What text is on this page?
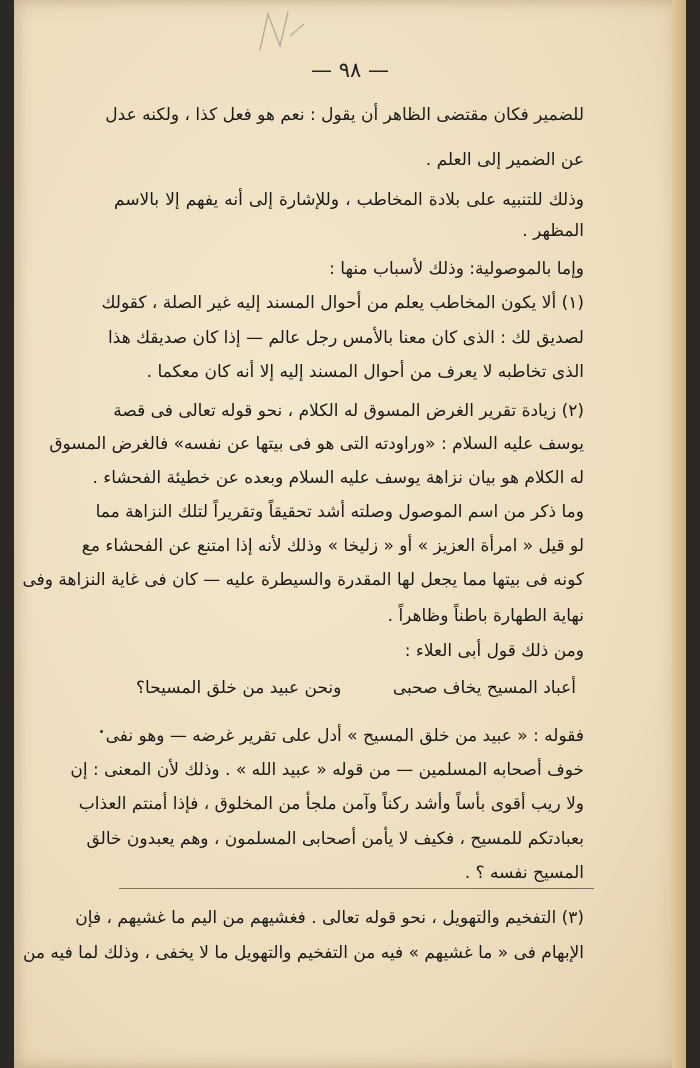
— ٩٨ —
للضمير فكان مقتضى الظاهر أن يقول : نعم هو فعل كذا ، ولكنه عدل
عن الضمير إلى العلم .
وذلك للتنبيه على بلادة المخاطب ، وللإشارة إلى أنه يفهم إلا بالاسم
المظهر .
وإما بالموصولية: وذلك لأسباب منها :
(١) ألا يكون المخاطب يعلم من أحوال المسند إليه غير الصلة ، كقولك
لصديق لك : الذى كان معنا بالأمس رجل عالم — إذا كان صديقك هذا
الذى تخاطبه لا يعرف من أحوال المسند إليه إلا أنه كان معكما .
(٢) زيادة تقرير الغرض المسوق له الكلام ، نحو قوله تعالى فى قصة
يوسف عليه السلام : «وراودته التى هو فى بيتها عن نفسه» فالغرض المسوق
له الكلام هو بيان نزاهة يوسف عليه السلام وبعده عن خطيئة الفحشاء .
وما ذكر من اسم الموصول وصلته أشد تحقيقاً وتقريراً لتلك النزاهة مما
لو قيل « امرأة العزيز » أو « زليخا » وذلك لأنه إذا امتنع عن الفحشاء مع
كونه فى بيتها مما يجعل لها المقدرة والسيطرة عليه — كان فى غاية النزاهة وفى
نهاية الطهارة باطناً وظاهراً .
ومن ذلك قول أبى العلاء :
أعباد المسيح يخاف صحبى
ونحن عبيد من خلق المسيحا؟
فقوله : « عبيد من خلق المسيح » أدل على تقرير غرضه — وهو نفى
خوف أصحابه المسلمين — من قوله « عبيد الله » . وذلك لأن المعنى : إن
ولا ريب أقوى بأساً وأشد ركناً وآمن ملجأ من المخلوق ، فإذا أمنتم العذاب
بعبادتكم للمسيح ، فكيف لا يأمن أصحابى المسلمون ، وهم يعبدون خالق
المسيح نفسه ؟ .
(٣) التفخيم والتهويل ، نحو قوله تعالى . فغشيهم من اليم ما غشيهم ، فإن
الإبهام فى « ما غشيهم » فيه من التفخيم والتهويل ما لا يخفى ، وذلك لما فيه من
